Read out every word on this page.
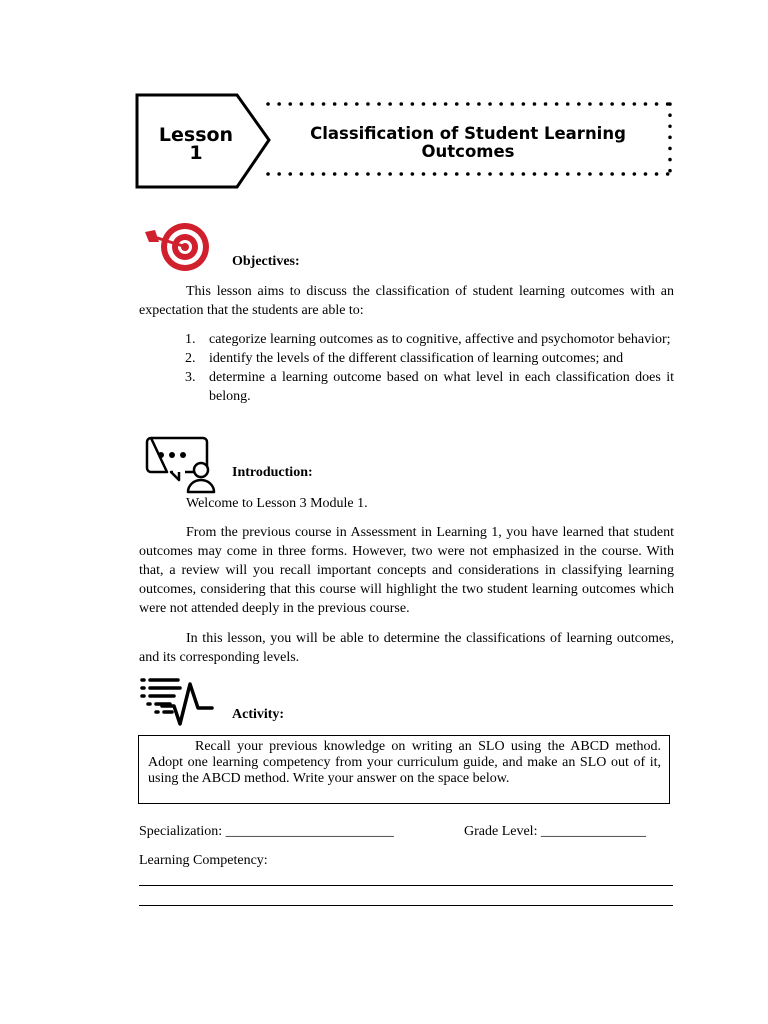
Lesson
1
Classification of Student Learning
Outcomes
Objectives:
This lesson aims to discuss the classification of student learning outcomes with an expectation that the students are able to:
1. categorize learning outcomes as to cognitive, affective and psychomotor behavior;
2. identify the levels of the different classification of learning outcomes; and
3. determine a learning outcome based on what level in each classification does it belong.
Introduction:
Welcome to Lesson 3 Module 1.
From the previous course in Assessment in Learning 1, you have learned that student outcomes may come in three forms. However, two were not emphasized in the course. With that, a review will you recall important concepts and considerations in classifying learning outcomes, considering that this course will highlight the two student learning outcomes which were not attended deeply in the previous course.
In this lesson, you will be able to determine the classifications of learning outcomes, and its corresponding levels.
Activity:
Recall your previous knowledge on writing an SLO using the ABCD method. Adopt one learning competency from your curriculum guide, and make an SLO out of it, using the ABCD method. Write your answer on the space below.
Specialization: ________________________	Grade Level: _______________
Learning Competency:
